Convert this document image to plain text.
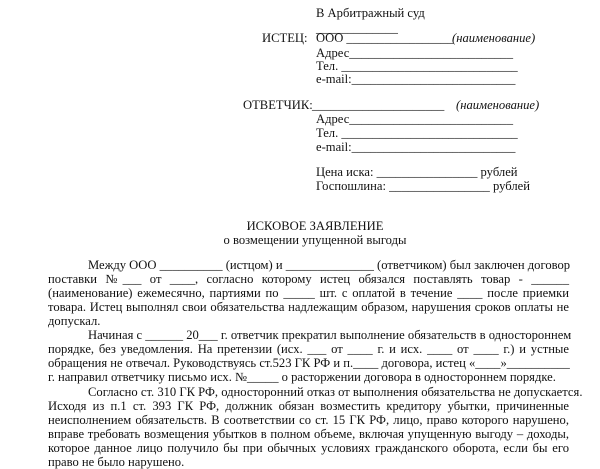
В Арбитражный суд
_____________
ИСТЕЦ: ООО _________________
(наименование)
Адрес__________________________
Тел. ____________________________
e-mail:__________________________
ОТВЕТЧИК: _____________________ (наименование)
Адрес__________________________
Тел. ____________________________
e-mail:__________________________
Цена иска: ________________ рублей
Госпошлина: ________________ рублей
ИСКОВОЕ ЗАЯВЛЕНИЕ
о возмещении упущенной выгоды
Между ООО __________ (истцом) и ______________ (ответчиком) был заключен договор
поставки №___ от ____, согласно которому истец обязался поставлять товар - ______
(наименование) ежемесячно, партиями по _____ шт. с оплатой в течение ____ после приемки
товара. Истец выполнял свои обязательства надлежащим образом, нарушения сроков оплаты не
допускал.
Начиная с ______ 20___ г. ответчик прекратил выполнение обязательств в одностороннем
порядке, без уведомления. На претензии (исх. ___ от ____ г. и исх. ____ от ____ г.) и устные
обращения не отвечал. Руководствуясь ст.523 ГК РФ и п.____ договора, истец «____»__________
г. направил ответчику письмо исх. №_____ о расторжении договора в одностороннем порядке.
Согласно ст. 310 ГК РФ, односторонний отказ от выполнения обязательства не допускается.
Исходя из п.1 ст. 393 ГК РФ, должник обязан возместить кредитору убытки, причиненные
неисполнением обязательств. В соответствии со ст. 15 ГК РФ, лицо, право которого нарушено,
вправе требовать возмещения убытков в полном объеме, включая упущенную выгоду – доходы,
которое данное лицо получило бы при обычных условиях гражданского оборота, если бы его
право не было нарушено.
